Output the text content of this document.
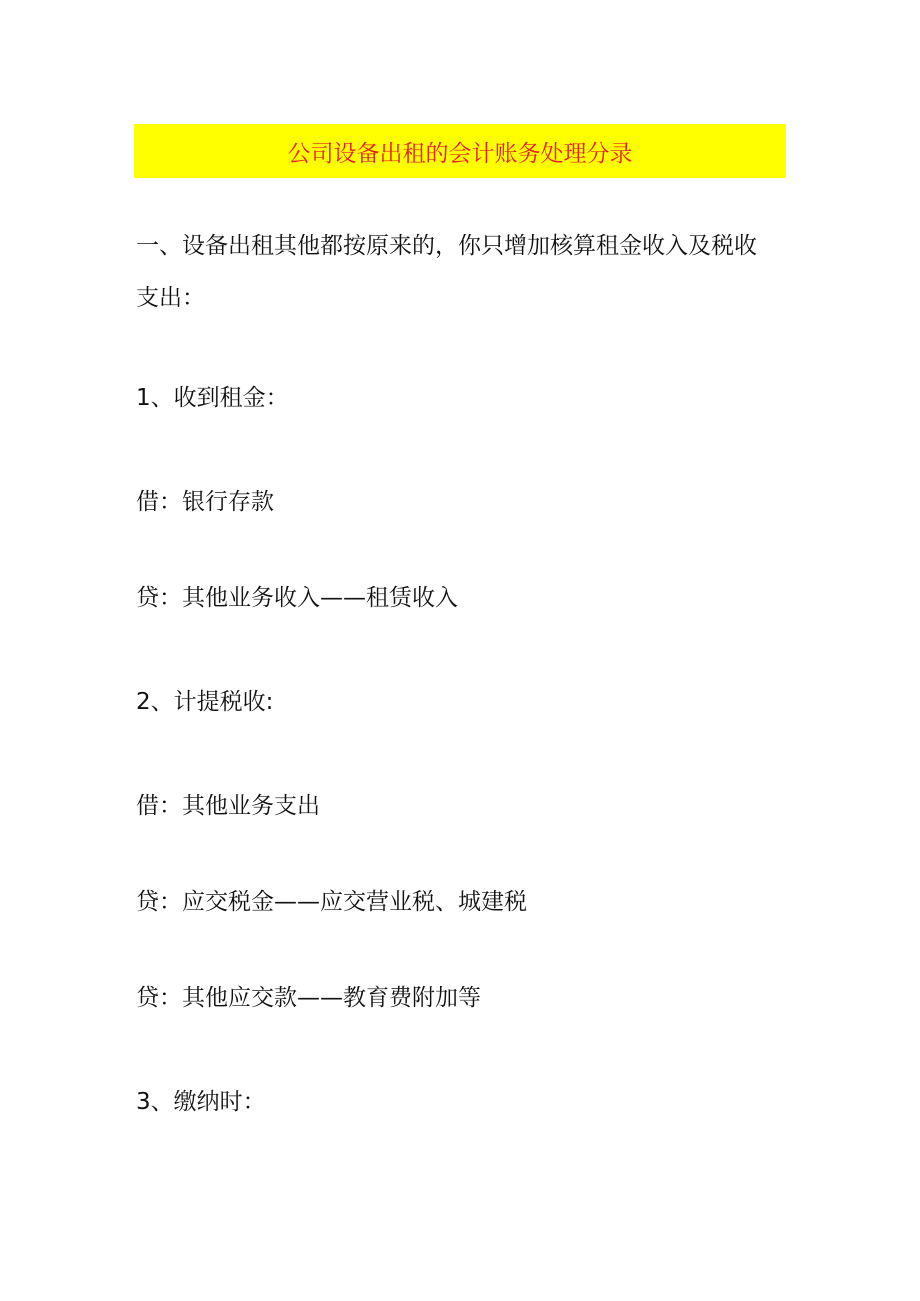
公司设备出租的会计账务处理分录
一、设备出租其他都按原来的，你只增加核算租金收入及税收
支出：
1、收到租金：
借：银行存款
贷：其他业务收入——租赁收入
2、计提税收:
借：其他业务支出
贷：应交税金——应交营业税、城建税
贷：其他应交款——教育费附加等
3、缴纳时：
